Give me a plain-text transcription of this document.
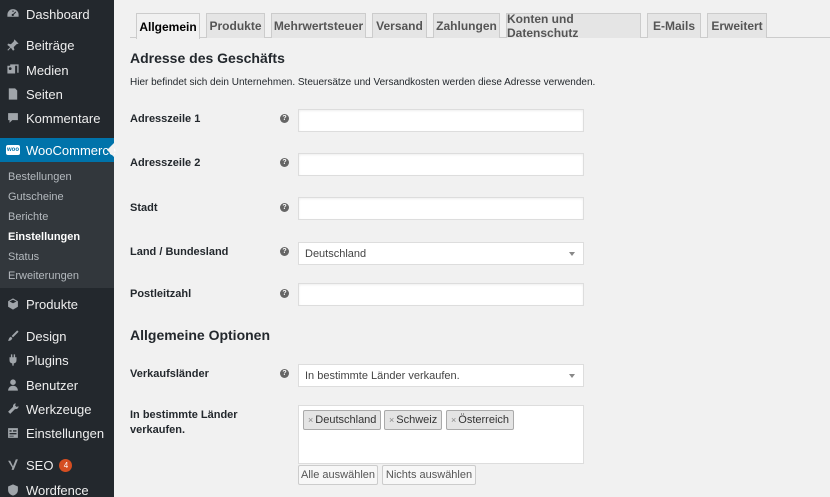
Dashboard
Beiträge
Medien
Seiten
Kommentare
woo WooCommerce
Bestellungen
Gutscheine
Berichte
Einstellungen
Status
Erweiterungen
Produkte
Design
Plugins
Benutzer
Werkzeuge
Einstellungen
SEO	4
Wordfence
Allgemein Produkte Mehrwertsteuer	Versand	Zahlungen Konten und Datenschutz	E-Mails	Erweitert
Adresse des Geschäfts
Hier befindet sich dein Unternehmen. Steuersätze und Versandkosten werden diese Adresse verwenden.
Adresszeile 1	?
Adresszeile 2	?
Stadt	?
Land / Bundesland	? Deutschland
Postleitzahl	?
Allgemeine Optionen
Verkaufsländer	? In bestimmte Länder verkaufen.
In bestimmte Länder
verkaufen.
× Deutschland × Schweiz × Österreich
Alle auswählen Nichts auswählen
